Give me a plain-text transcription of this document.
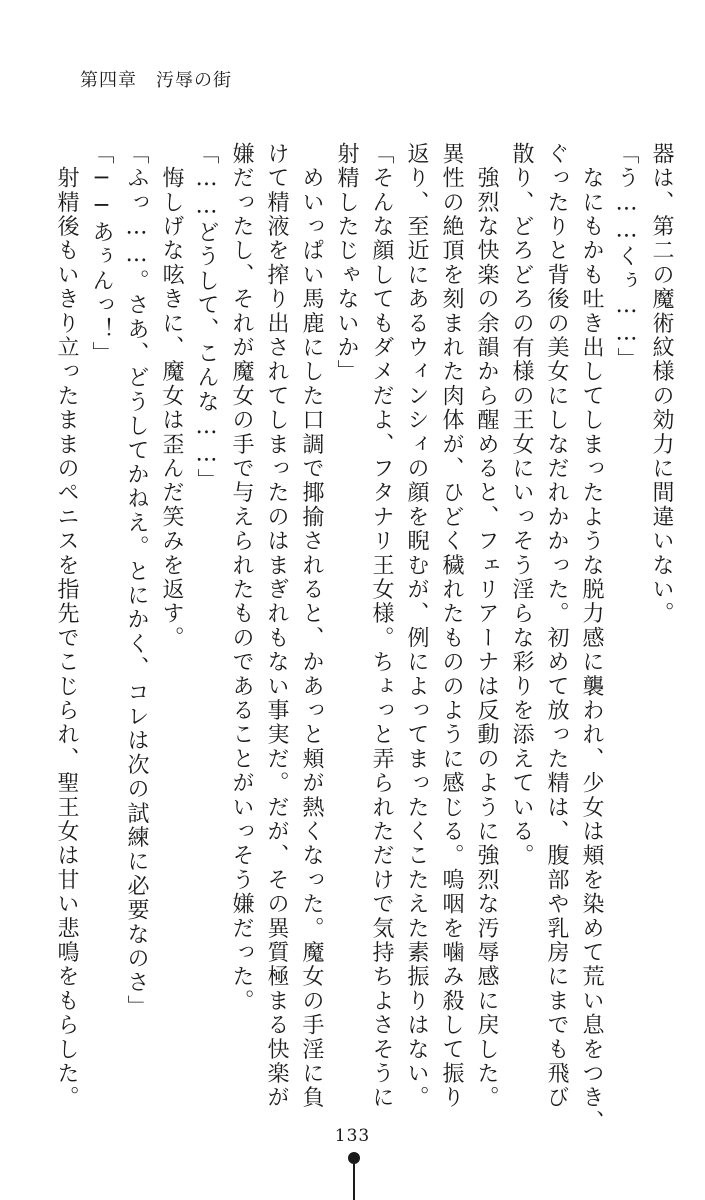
第四章　汚辱の街

器は、第二の魔術紋様の効力に間違いない。

「う……くぅ……」

　なにもかも吐き出してしまったような脱力感に襲われ、少女は頬を染めて荒い息をつき、

ぐったりと背後の美女にしなだれかかった。初めて放った精は、腹部や乳房にまでも飛び

散り、どろどろの有様の王女にいっそう淫らな彩りを添えている。

　強烈な快楽の余韻から醒めると、フェリアーナは反動のように強烈な汚辱感に戻した。

異性の絶頂を刻まれた肉体が、ひどく穢れたもののように感じる。嗚咽を噛み殺して振り

返り、至近にあるウィンシィの顔を睨むが、例によってまったくこたえた素振りはない。

「そんな顔してもダメだよ、フタナリ王女様。ちょっと弄られただけで気持ちよさそうに

射精したじゃないか」

　めいっぱい馬鹿にした口調で揶揄されると、かあっと頬が熱くなった。魔女の手淫に負

けて精液を搾り出されてしまったのはまぎれもない事実だ。だが、その異質極まる快楽が

嫌だったし、それが魔女の手で与えられたものであることがいっそう嫌だった。

「……どうして、こんな……」

　悔しげな呟きに、魔女は歪んだ笑みを返す。

「ふっ……。さあ、どうしてかねえ。とにかく、コレは次の試練に必要なのさ」

「──あぅんっ！」

　射精後もいきり立ったままのペニスを指先でこじられ、聖王女は甘い悲鳴をもらした。

133
